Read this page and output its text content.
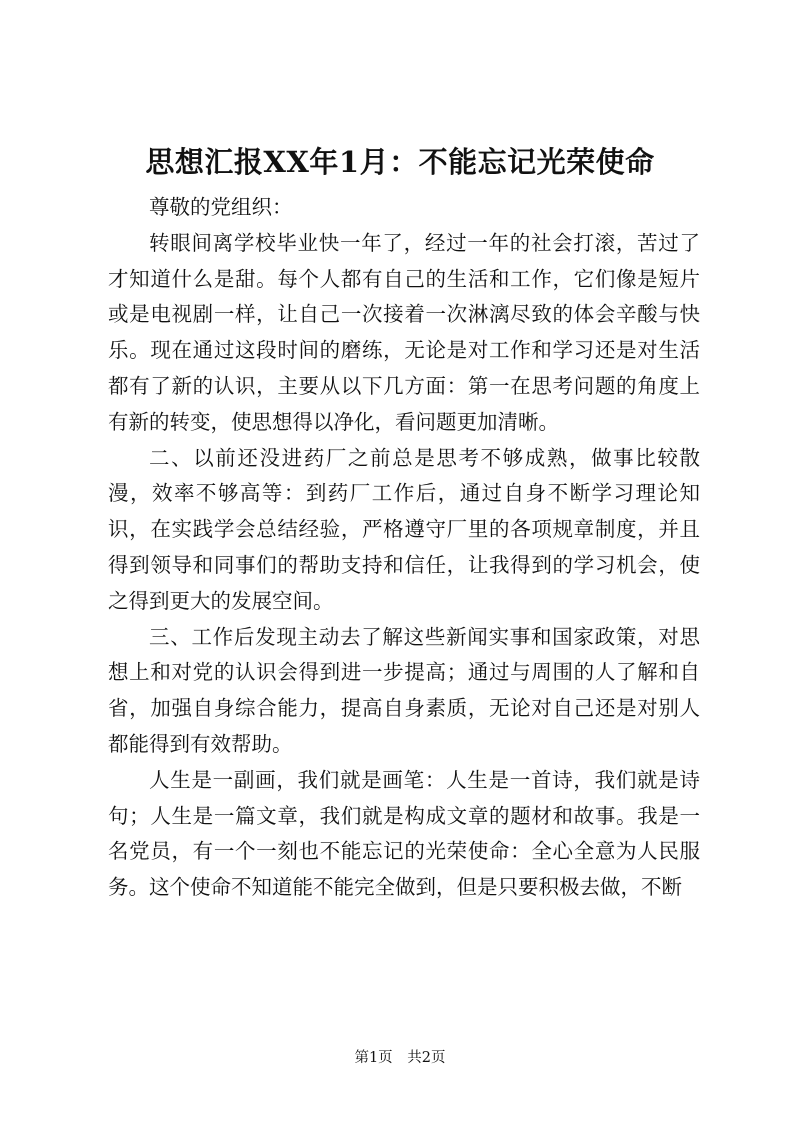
思想汇报XX年1月：不能忘记光荣使命

尊敬的党组织：

转眼间离学校毕业快一年了，经过一年的社会打滚，苦过了才知道什么是甜。每个人都有自己的生活和工作，它们像是短片或是电视剧一样，让自己一次接着一次淋漓尽致的体会辛酸与快乐。现在通过这段时间的磨练，无论是对工作和学习还是对生活都有了新的认识，主要从以下几方面：第一在思考问题的角度上有新的转变，使思想得以净化，看问题更加清晰。

二、以前还没进药厂之前总是思考不够成熟，做事比较散漫，效率不够高等：到药厂工作后，通过自身不断学习理论知识，在实践学会总结经验，严格遵守厂里的各项规章制度，并且得到领导和同事们的帮助支持和信任，让我得到的学习机会，使之得到更大的发展空间。

三、工作后发现主动去了解这些新闻实事和国家政策，对思想上和对党的认识会得到进一步提高；通过与周围的人了解和自省，加强自身综合能力，提高自身素质，无论对自己还是对别人都能得到有效帮助。

人生是一副画，我们就是画笔：人生是一首诗，我们就是诗句；人生是一篇文章，我们就是构成文章的题材和故事。我是一名党员，有一个一刻也不能忘记的光荣使命：全心全意为人民服务。这个使命不知道能不能完全做到，但是只要积极去做，不断

第1页 共2页
